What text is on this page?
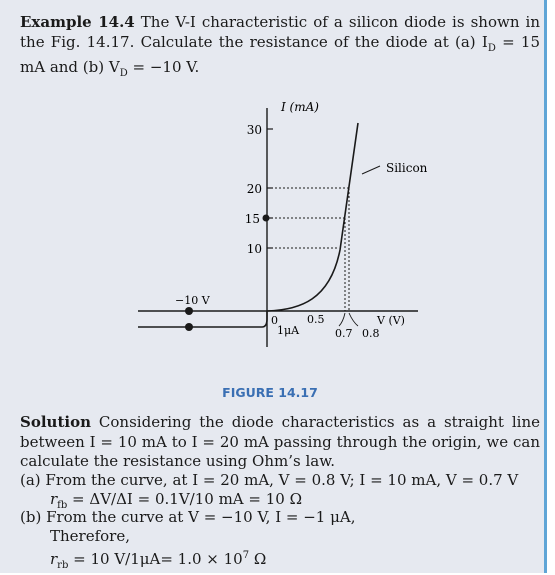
Example 14.4 The V-I characteristic of a silicon diode is shown in the Fig. 14.17. Calculate the resistance of the diode at (a) $I_D = 15$ mA and (b) $V_D = -10$ V.
30
20
15
10
I (mA)
V (V)
Silicon
0
1μA
−10 V
0.5
0.7 0.8
FIGURE 14.17
Solution Considering the diode characteristics as a straight line between I = 10 mA to I = 20 mA passing through the origin, we can calculate the resistance using Ohm’s law.
(a) From the curve, at I = 20 mA, V = 0.8 V; I = 10 mA, V = 0.7 V
$r_{fb} = \Delta V/\Delta I = 0.1V/10$ mA = 10 Ω
(b) From the curve at V = −10 V, I = −1 μA,
Therefore,
$r_{rb} = 10$ $V/1\mu A= 1.0 \times 10^7$ Ω
